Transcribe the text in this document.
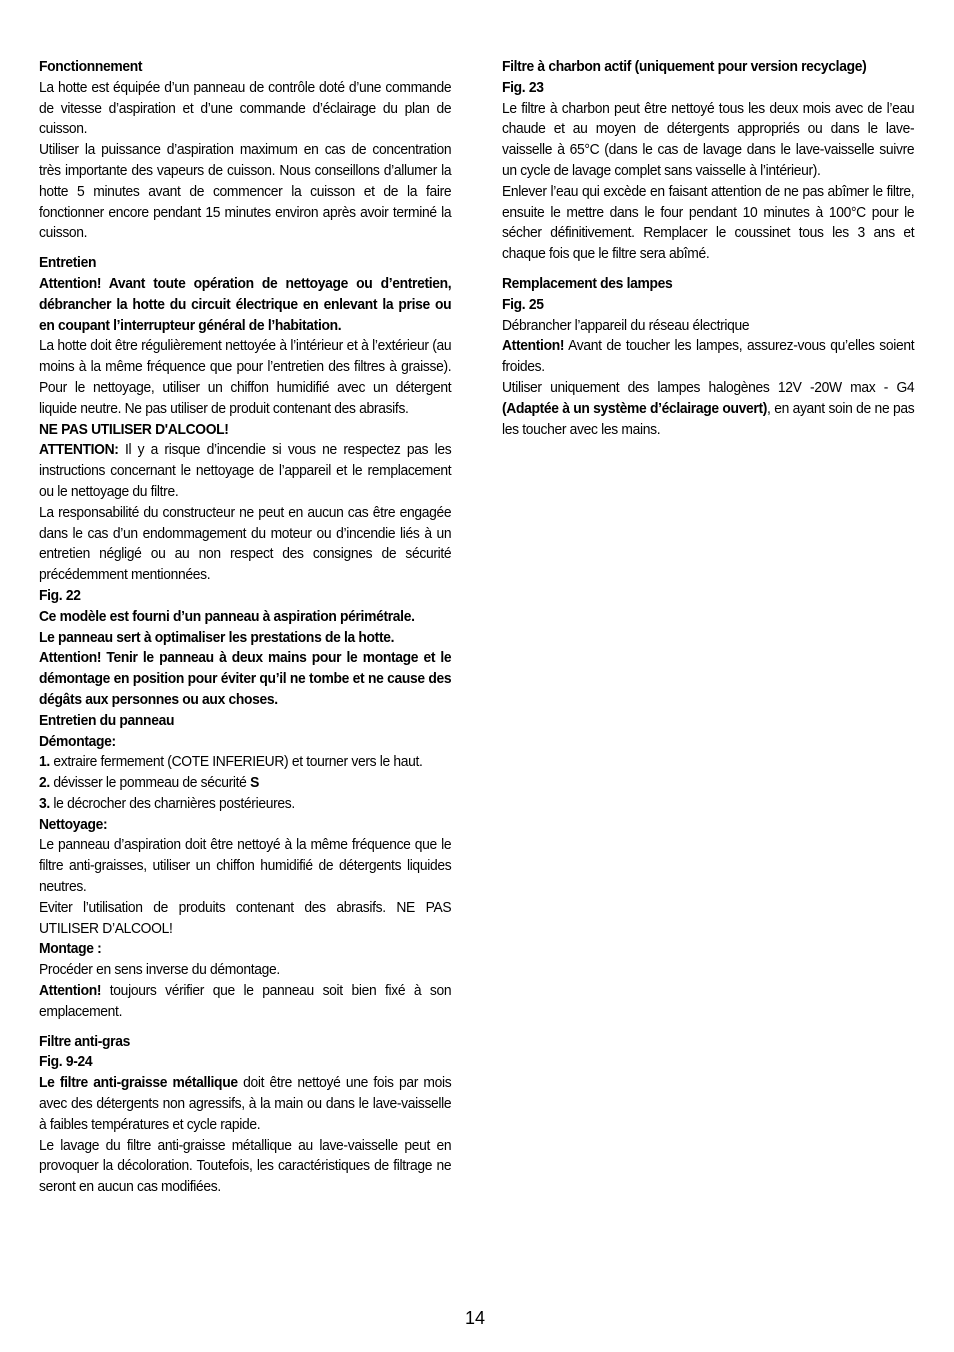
Fonctionnement

La hotte est équipée d’un panneau de contrôle doté d’une commande de vitesse d’aspiration et d’une commande d’éclairage du plan de cuisson.

Utiliser la puissance d’aspiration maximum en cas de concentration très importante des vapeurs de cuisson. Nous conseillons d’allumer la hotte 5 minutes avant de commencer la cuisson et de la faire fonctionner encore pendant 15 minutes environ après avoir terminé la cuisson.

Entretien

Attention! Avant toute opération de nettoyage ou d’entretien, débrancher la hotte du circuit électrique en enlevant la prise ou en coupant l’interrupteur général de l’habitation.

La hotte doit être régulièrement nettoyée à l’intérieur et à l’extérieur (au moins à la même fréquence que pour l’entretien des filtres à graisse). Pour le nettoyage, utiliser un chiffon humidifié avec un détergent liquide neutre. Ne pas utiliser de produit contenant des abrasifs.

NE PAS UTILISER D'ALCOOL!

ATTENTION: Il y a risque d’incendie si vous ne respectez pas les instructions concernant le nettoyage de l’appareil et le remplacement ou le nettoyage du filtre.

La responsabilité du constructeur ne peut en aucun cas être engagée dans le cas d’un endommagement du moteur ou d’incendie liés à un entretien négligé ou au non respect des consignes de sécurité précédemment mentionnées.

Fig. 22

Ce modèle est fourni d’un panneau à aspiration périmétrale.

Le panneau sert à optimaliser les prestations de la hotte.

Attention! Tenir le panneau à deux mains pour le montage et le démontage en position pour éviter qu’il ne tombe et ne cause des dégâts aux personnes ou aux choses.

Entretien du panneau

Démontage:

1. extraire fermement (COTE INFERIEUR) et tourner vers le haut.

2. dévisser le pommeau de sécurité S

3. le décrocher des charnières postérieures.

Nettoyage:

Le panneau d’aspiration doit être nettoyé à la même fréquence que le filtre anti-graisses, utiliser un chiffon humidifié de détergents liquides neutres.

Eviter l’utilisation de produits contenant des abrasifs. NE PAS UTILISER D’ALCOOL!

Montage :

Procéder en sens inverse du démontage.

Attention! toujours vérifier que le panneau soit bien fixé à son emplacement.

Filtre anti-gras

Fig. 9-24

Le filtre anti-graisse métallique doit être nettoyé une fois par mois avec des détergents non agressifs, à la main ou dans le lave-vaisselle à faibles températures et cycle rapide.

Le lavage du filtre anti-graisse métallique au lave-vaisselle peut en provoquer la décoloration. Toutefois, les caractéristiques de filtrage ne seront en aucun cas modifiées.

Filtre à charbon actif (uniquement pour version recyclage)

Fig. 23

Le filtre à charbon peut être nettoyé tous les deux mois avec de l’eau chaude et au moyen de détergents appropriés ou dans le lave-vaisselle à 65°C (dans le cas de lavage dans le lave-vaisselle suivre un cycle de lavage complet sans vaisselle à l’intérieur).

Enlever l’eau qui excède en faisant attention de ne pas abîmer le filtre, ensuite le mettre dans le four pendant 10 minutes à 100°C pour le sécher définitivement. Remplacer le coussinet tous les 3 ans et chaque fois que le filtre sera abîmé.

Remplacement des lampes

Fig. 25

Débrancher l’appareil du réseau électrique

Attention! Avant de toucher les lampes, assurez-vous qu’elles soient froides.

Utiliser uniquement des lampes halogènes 12V -20W max - G4 (Adaptée à un système d’éclairage ouvert), en ayant soin de ne pas les toucher avec les mains.

14
